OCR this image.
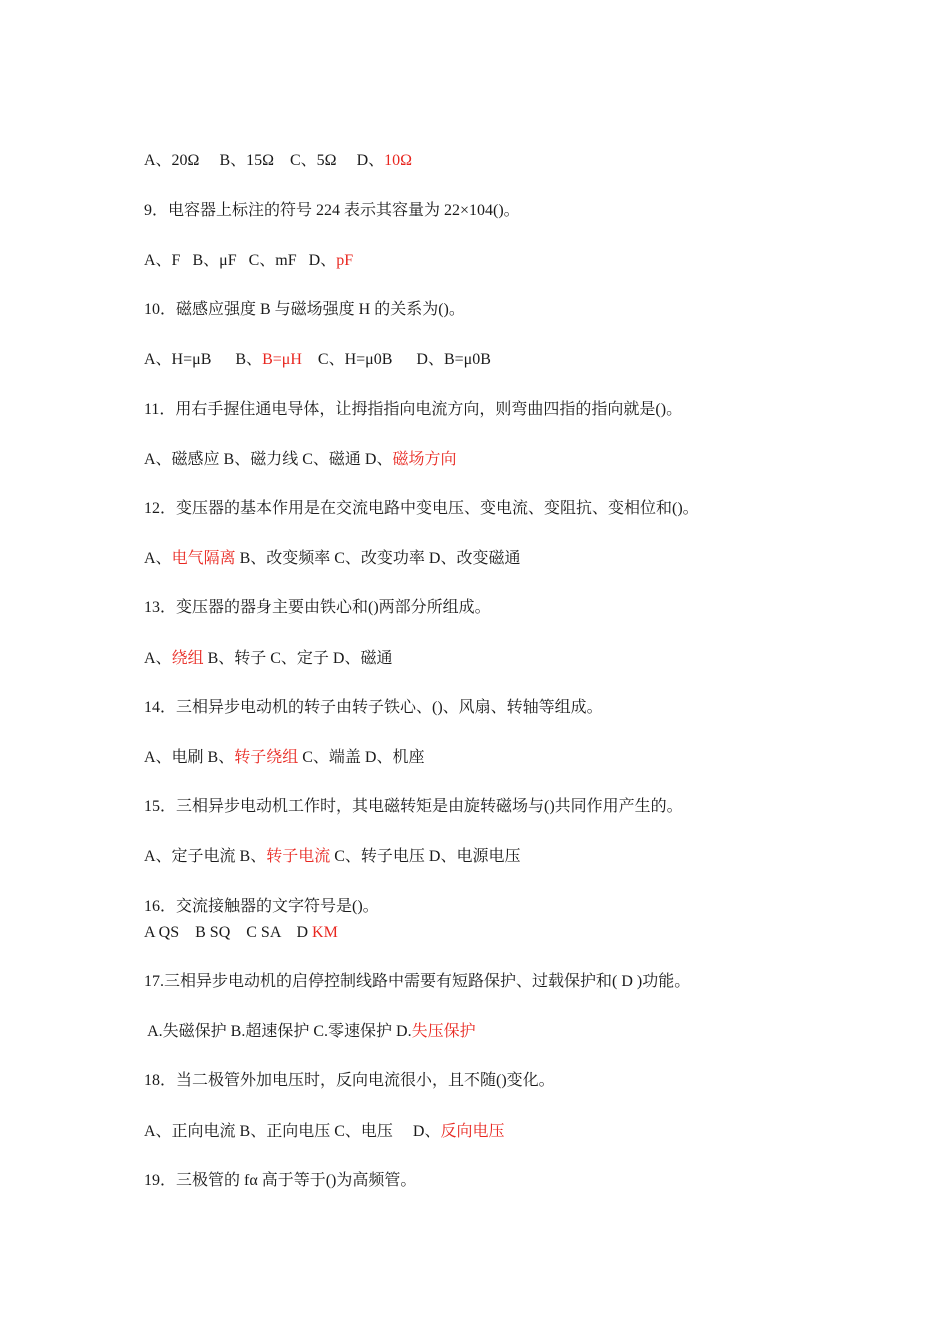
A、20Ω     B、15Ω    C、5Ω     D、10Ω
9．电容器上标注的符号 224 表示其容量为 22×104()。
A、F   B、μF   C、mF   D、pF
10．磁感应强度 B 与磁场强度 H 的关系为()。
A、H=μB      B、B=μH    C、H=μ0B      D、B=μ0B
11．用右手握住通电导体，让拇指指向电流方向，则弯曲四指的指向就是()。
A、磁感应 B、磁力线 C、磁通 D、磁场方向
12．变压器的基本作用是在交流电路中变电压、变电流、变阻抗、变相位和()。
A、电气隔离 B、改变频率 C、改变功率 D、改变磁通
13．变压器的器身主要由铁心和()两部分所组成。
A、绕组 B、转子 C、定子 D、磁通
14．三相异步电动机的转子由转子铁心、()、风扇、转轴等组成。
A、电刷 B、转子绕组 C、端盖 D、机座
15．三相异步电动机工作时，其电磁转矩是由旋转磁场与()共同作用产生的。
A、定子电流 B、转子电流 C、转子电压 D、电源电压
16．交流接触器的文字符号是()。
A QS    B SQ    C SA    D KM
17.三相异步电动机的启停控制线路中需要有短路保护、过载保护和( D )功能。
A.失磁保护 B.超速保护 C.零速保护 D.失压保护
18．当二极管外加电压时，反向电流很小，且不随()变化。
A、正向电流 B、正向电压 C、电压     D、反向电压
19．三极管的 fα 高于等于()为高频管。
